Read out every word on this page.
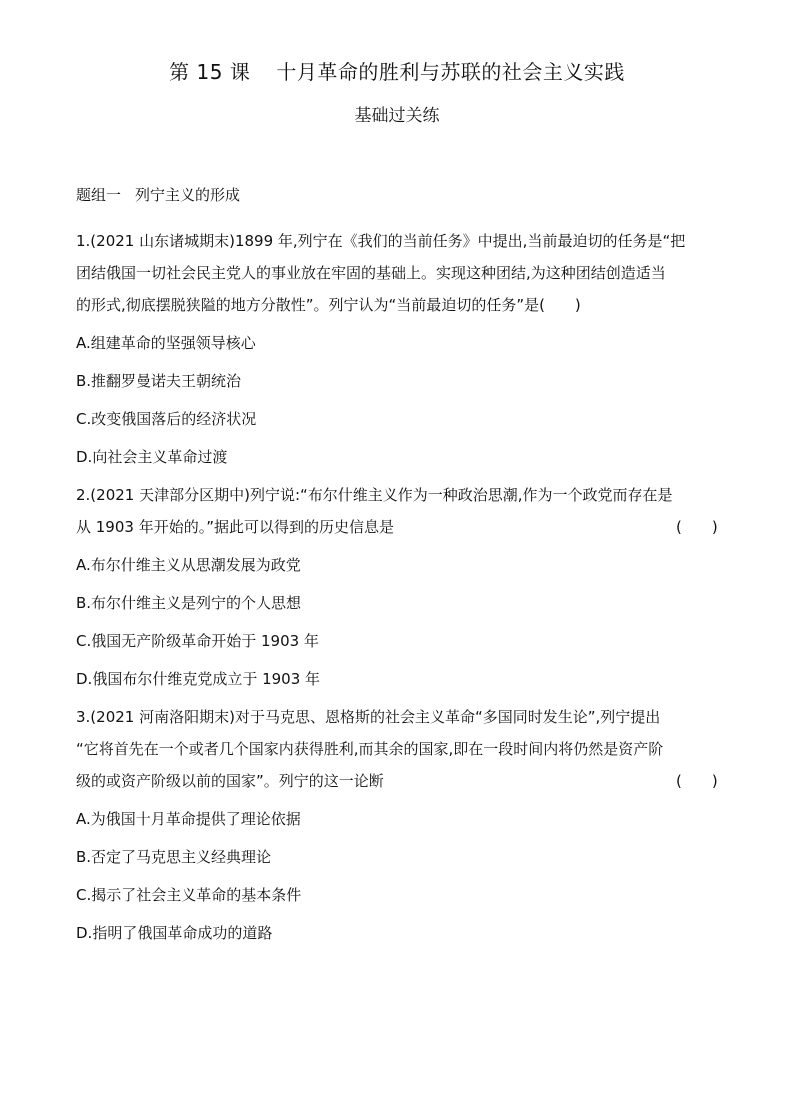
第 15 课 十月革命的胜利与苏联的社会主义实践
基础过关练
题组一 列宁主义的形成
1.(2021 山东诸城期末)1899 年,列宁在《我们的当前任务》中提出,当前最迫切的任务是“把
团结俄国一切社会民主党人的事业放在牢固的基础上。实现这种团结,为这种团结创造适当
的形式,彻底摆脱狭隘的地方分散性”。列宁认为“当前最迫切的任务”是(　　)
A.组建革命的坚强领导核心
B.推翻罗曼诺夫王朝统治
C.改变俄国落后的经济状况
D.向社会主义革命过渡
2.(2021 天津部分区期中)列宁说:“布尔什维主义作为一种政治思潮,作为一个政党而存在是
从 1903 年开始的。”据此可以得到的历史信息是	(　　)
A.布尔什维主义从思潮发展为政党
B.布尔什维主义是列宁的个人思想
C.俄国无产阶级革命开始于 1903 年
D.俄国布尔什维克党成立于 1903 年
3.(2021 河南洛阳期末)对于马克思、恩格斯的社会主义革命“多国同时发生论”,列宁提出
“它将首先在一个或者几个国家内获得胜利,而其余的国家,即在一段时间内将仍然是资产阶
级的或资产阶级以前的国家”。列宁的这一论断	(　　)
A.为俄国十月革命提供了理论依据
B.否定了马克思主义经典理论
C.揭示了社会主义革命的基本条件
D.指明了俄国革命成功的道路
